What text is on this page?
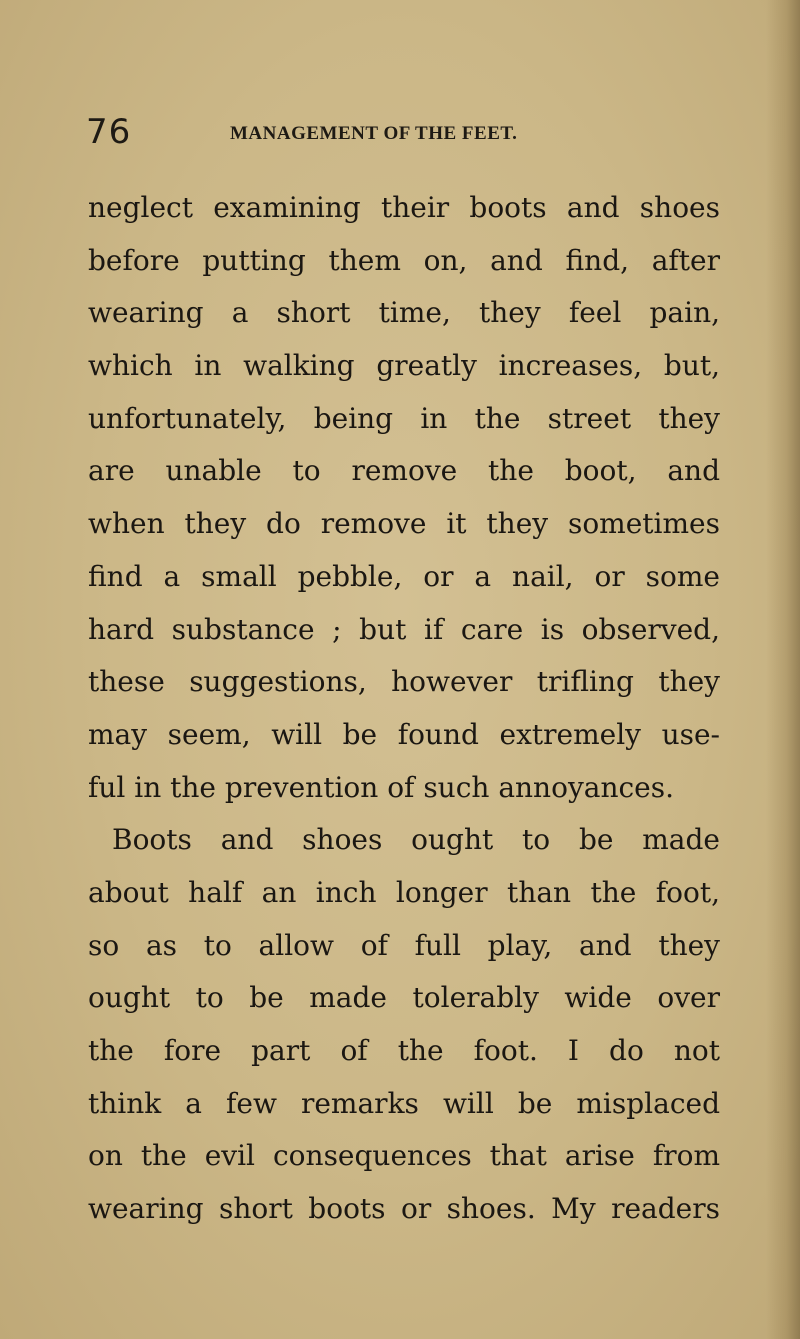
76	MANAGEMENT OF THE FEET.
neglect examining their boots and shoes
before putting them on, and find, after
wearing a short time, they feel pain,
which in walking greatly increases, but,
unfortunately, being in the street they
are unable to remove the boot, and
when they do remove it they sometimes
find a small pebble, or a nail, or some
hard substance ; but if care is observed,
these suggestions, however trifling they
may seem, will be found extremely use-
ful in the prevention of such annoyances.
Boots and shoes ought to be made
about half an inch longer than the foot,
so as to allow of full play, and they
ought to be made tolerably wide over
the fore part of the foot. I do not
think a few remarks will be misplaced
on the evil consequences that arise from
wearing short boots or shoes. My readers
